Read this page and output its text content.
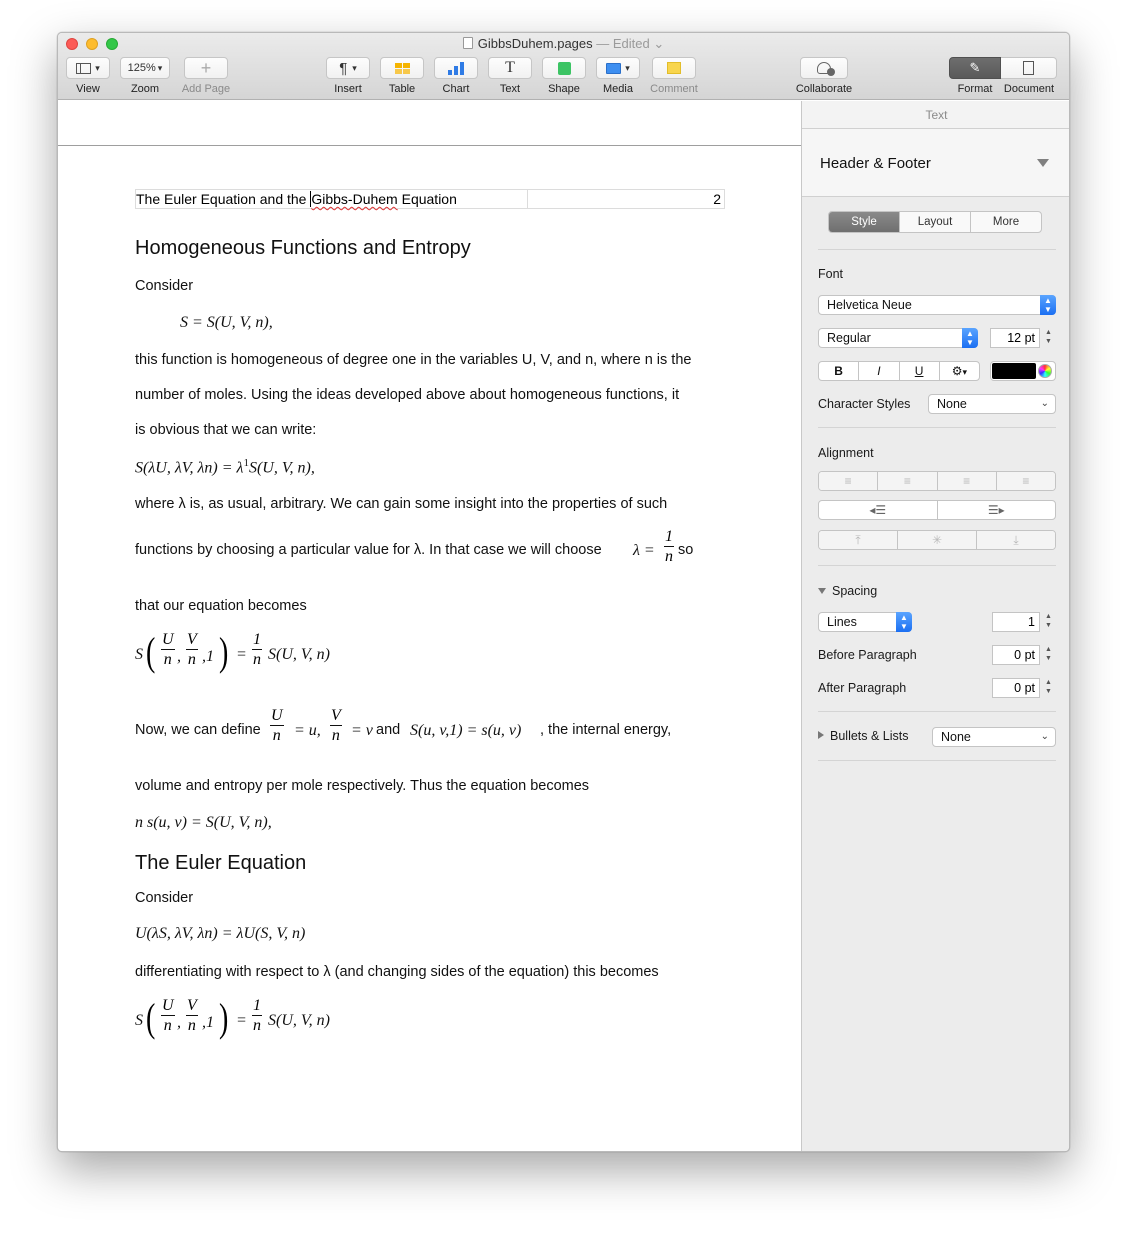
GibbsDuhem.pages — Edited ⌄
▾
View
125% ▾
Zoom
+
Add Page
¶ ▾
Insert	Table	Chart
T
Text	Shape
▾
Media	Comment	Collaborate
✎
Format	Document
The Euler Equation and the Gibbs-Duhem Equation	2
Homogeneous Functions and Entropy
Consider
S = S(U, V, n),
this function is homogeneous of degree one in the variables U, V, and n, where n is the
number of moles. Using the ideas developed above about homogeneous functions, it
is obvious that we can write:
S(λU, λV, $\lambda n) = \lambda^1S(U$, V, n),
where λ is, as usual, arbitrary. We can gain some insight into the properties of such
functions by choosing a particular value for λ. In that case we will choose $\lambda = \frac{1}{n}$ so
that our equation becomes
S ( $\frac{U}{n}$ , $\frac{V}{n} ,1$ ) = $\frac{1}{n} S(U$, V, n)
Now, we can define $\frac{U}{n} = u$, $\frac{V}{n} = v$ and S(u, v,1) = s(u, v) , the internal energy,
volume and entropy per mole respectively. Thus the equation becomes
n s(u, v) = S(U, V, n),
The Euler Equation
Consider
U(λS, λV, λn) = λU(S, V, n)
differentiating with respect to λ (and changing sides of the equation) this becomes
S ( $\frac{U}{n}$ , $\frac{V}{n} ,1$ ) = $\frac{1}{n} S(U$, V, n)
Text
Header & Footer
Style	Layout	More
Font
Helvetica Neue	▲
▼
Regular	▲
▼	12 pt	▲
▼
B	I	U	⚙▾
Character Styles	None	⌄
Alignment
≡	≡	≡	≡
◂☰	☰▸
⤒	✳	⤓
Spacing
Lines	▲
▼	1	▲
▼
Before Paragraph	0 pt	▲
▼
After Paragraph	0 pt	▲
▼
Bullets & Lists	None	⌄
